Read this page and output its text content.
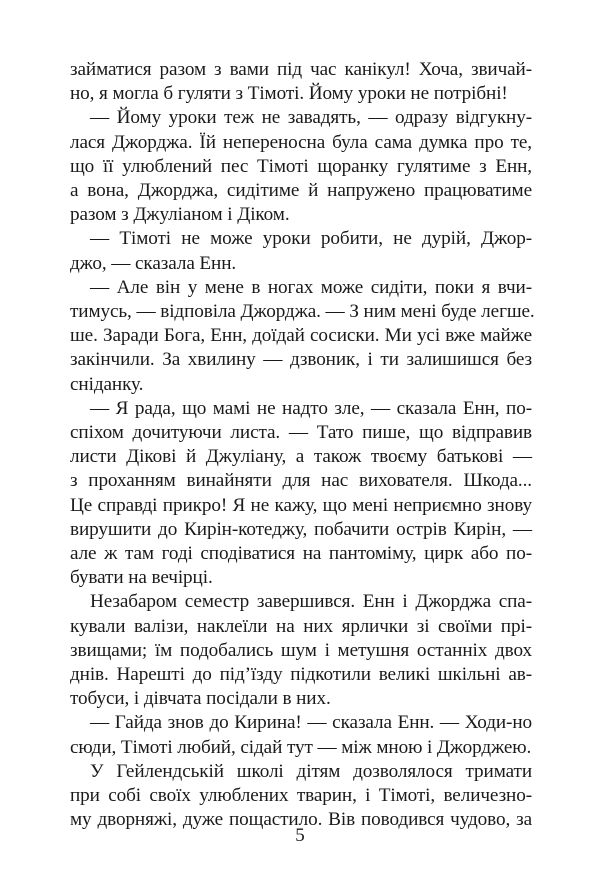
займатися разом з вами під час канікул! Хоча, звичай-
но, я могла б гуляти з Тімоті. Йому уроки не потрібні!
— Йому уроки теж не завадять, — одразу відгукну-
лася Джорджа. Їй непереносна була сама думка про те,
що її улюблений пес Тімоті щоранку гулятиме з Енн,
а вона, Джорджа, сидітиме й напружено працюватиме
разом з Джуліаном і Діком.
— Тімоті не може уроки робити, не дурій, Джор-
джо, — сказала Енн.
— Але він у мене в ногах може сидіти, поки я вчи-
тимусь, — відповіла Джорджа. — З ним мені буде легше.
ше. Заради Бога, Енн, доїдай сосиски. Ми усі вже майже
закінчили. За хвилину — дзвоник, і ти залишишся без
сніданку.
— Я рада, що мамі не надто зле, — сказала Енн, по-
спіхом дочитуючи листа. — Тато пише, що відправив
листи Дікові й Джуліану, а також твоєму батькові —
з проханням винайняти для нас вихователя. Шкода...
Це справді прикро! Я не кажу, що мені неприємно знову
вирушити до Кирін-котеджу, побачити острів Кирін, —
але ж там годі сподіватися на пантоміму, цирк або по-
бувати на вечірці.
Незабаром семестр завершився. Енн і Джорджа спа-
кували валізи, наклеїли на них ярлички зі своїми прі-
звищами; їм подобались шум і метушня останніх двох
днів. Нарешті до під’їзду підкотили великі шкільні ав-
тобуси, і дівчата посідали в них.
— Гайда знов до Кирина! — сказала Енн. — Ходи-но
сюди, Тімоті любий, сідай тут — між мною і Джорджею.
У Гейлендській школі дітям дозволялося тримати
при собі своїх улюблених тварин, і Тімоті, величезно-
му дворняжі, дуже пощастило. Вів поводився чудово, за
5
